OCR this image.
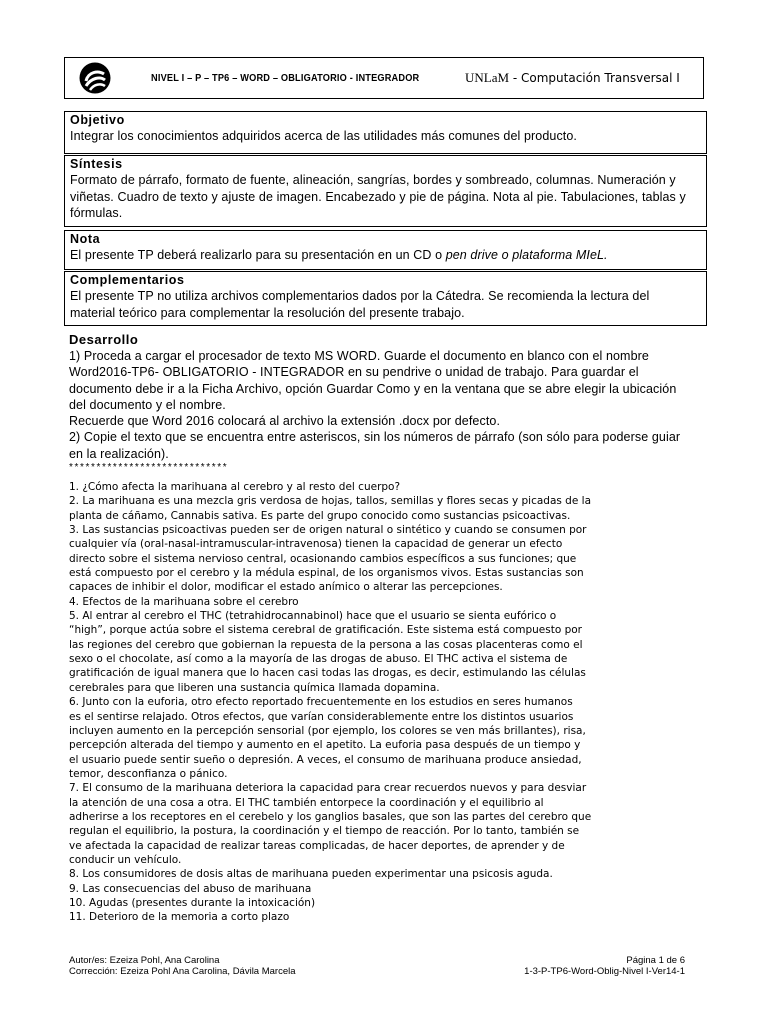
NIVEL I – P – TP6 – WORD – OBLIGATORIO - INTEGRADOR	UNLaM - Computación Transversal I
Objetivo
Integrar los conocimientos adquiridos acerca de las utilidades más comunes del producto.
Síntesis
Formato de párrafo, formato de fuente, alineación, sangrías, bordes y sombreado, columnas. Numeración y
viñetas. Cuadro de texto y ajuste de imagen. Encabezado y pie de página. Nota al pie. Tabulaciones, tablas y
fórmulas.
Nota
El presente TP deberá realizarlo para su presentación en un CD o pen drive o plataforma MIeL.
Complementarios
El presente TP no utiliza archivos complementarios dados por la Cátedra. Se recomienda la lectura del
material teórico para complementar la resolución del presente trabajo.
Desarrollo
1) Proceda a cargar el procesador de texto MS WORD. Guarde el documento en blanco con el nombre
Word2016-TP6- OBLIGATORIO - INTEGRADOR en su pendrive o unidad de trabajo. Para guardar el
documento debe ir a la Ficha Archivo, opción Guardar Como y en la ventana que se abre elegir la ubicación
del documento y el nombre.
Recuerde que Word 2016 colocará al archivo la extensión .docx por defecto.
2) Copie el texto que se encuentra entre asteriscos, sin los números de párrafo (son sólo para poderse guiar
en la realización).
*****************************
1. ¿Cómo afecta la marihuana al cerebro y al resto del cuerpo?
2. La marihuana es una mezcla gris verdosa de hojas, tallos, semillas y flores secas y picadas de la
planta de cáñamo, Cannabis sativa. Es parte del grupo conocido como sustancias psicoactivas.
3. Las sustancias psicoactivas pueden ser de origen natural o sintético y cuando se consumen por
cualquier vía (oral-nasal-intramuscular-intravenosa) tienen la capacidad de generar un efecto
directo sobre el sistema nervioso central, ocasionando cambios específicos a sus funciones; que
está compuesto por el cerebro y la médula espinal, de los organismos vivos. Estas sustancias son
capaces de inhibir el dolor, modificar el estado anímico o alterar las percepciones.
4. Efectos de la marihuana sobre el cerebro
5. Al entrar al cerebro el THC (tetrahidrocannabinol) hace que el usuario se sienta eufórico o
“high”, porque actúa sobre el sistema cerebral de gratificación. Este sistema está compuesto por
las regiones del cerebro que gobiernan la repuesta de la persona a las cosas placenteras como el
sexo o el chocolate, así como a la mayoría de las drogas de abuso. El THC activa el sistema de
gratificación de igual manera que lo hacen casi todas las drogas, es decir, estimulando las células
cerebrales para que liberen una sustancia química llamada dopamina.
6. Junto con la euforia, otro efecto reportado frecuentemente en los estudios en seres humanos
es el sentirse relajado. Otros efectos, que varían considerablemente entre los distintos usuarios
incluyen aumento en la percepción sensorial (por ejemplo, los colores se ven más brillantes), risa,
percepción alterada del tiempo y aumento en el apetito. La euforia pasa después de un tiempo y
el usuario puede sentir sueño o depresión. A veces, el consumo de marihuana produce ansiedad,
temor, desconfianza o pánico.
7. El consumo de la marihuana deteriora la capacidad para crear recuerdos nuevos y para desviar
la atención de una cosa a otra. El THC también entorpece la coordinación y el equilibrio al
adherirse a los receptores en el cerebelo y los ganglios basales, que son las partes del cerebro que
regulan el equilibrio, la postura, la coordinación y el tiempo de reacción. Por lo tanto, también se
ve afectada la capacidad de realizar tareas complicadas, de hacer deportes, de aprender y de
conducir un vehículo.
8. Los consumidores de dosis altas de marihuana pueden experimentar una psicosis aguda.
9. Las consecuencias del abuso de marihuana
10. Agudas (presentes durante la intoxicación)
11. Deterioro de la memoria a corto plazo
Autor/es: Ezeiza Pohl, Ana Carolina	Página 1 de 6
Corrección: Ezeiza Pohl Ana Carolina, Dávila Marcela	1-3-P-TP6-Word-Oblig-Nivel I-Ver14-1
